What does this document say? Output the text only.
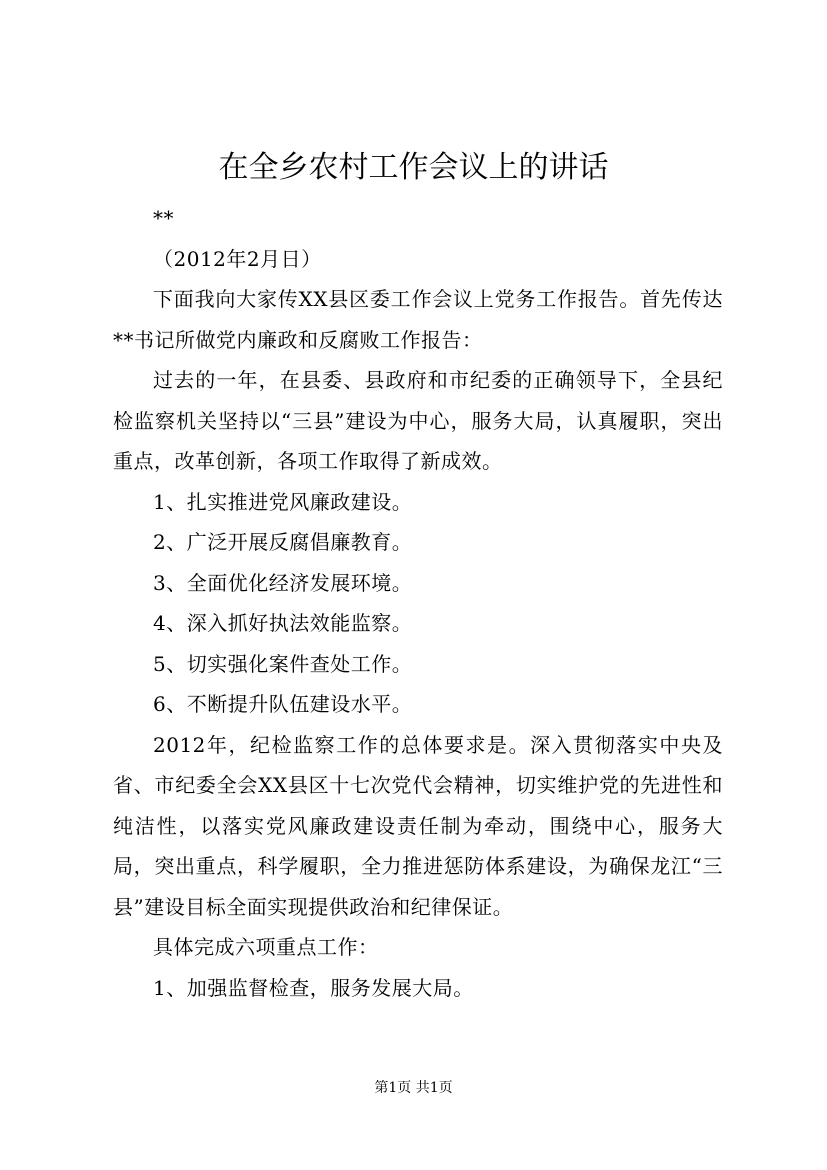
在全乡农村工作会议上的讲话

**

（2012年2月日）

下面我向大家传XX县区委工作会议上党务工作报告。首先传达**书记所做党内廉政和反腐败工作报告：

过去的一年，在县委、县政府和市纪委的正确领导下，全县纪检监察机关坚持以“三县”建设为中心，服务大局，认真履职，突出重点，改革创新，各项工作取得了新成效。

1、扎实推进党风廉政建设。

2、广泛开展反腐倡廉教育。

3、全面优化经济发展环境。

4、深入抓好执法效能监察。

5、切实强化案件查处工作。

6、不断提升队伍建设水平。

2012年，纪检监察工作的总体要求是。深入贯彻落实中央及省、市纪委全会XX县区十七次党代会精神，切实维护党的先进性和纯洁性，以落实党风廉政建设责任制为牵动，围绕中心，服务大局，突出重点，科学履职，全力推进惩防体系建设，为确保龙江“三县”建设目标全面实现提供政治和纪律保证。

具体完成六项重点工作：

1、加强监督检查，服务发展大局。

第1页 共1页
